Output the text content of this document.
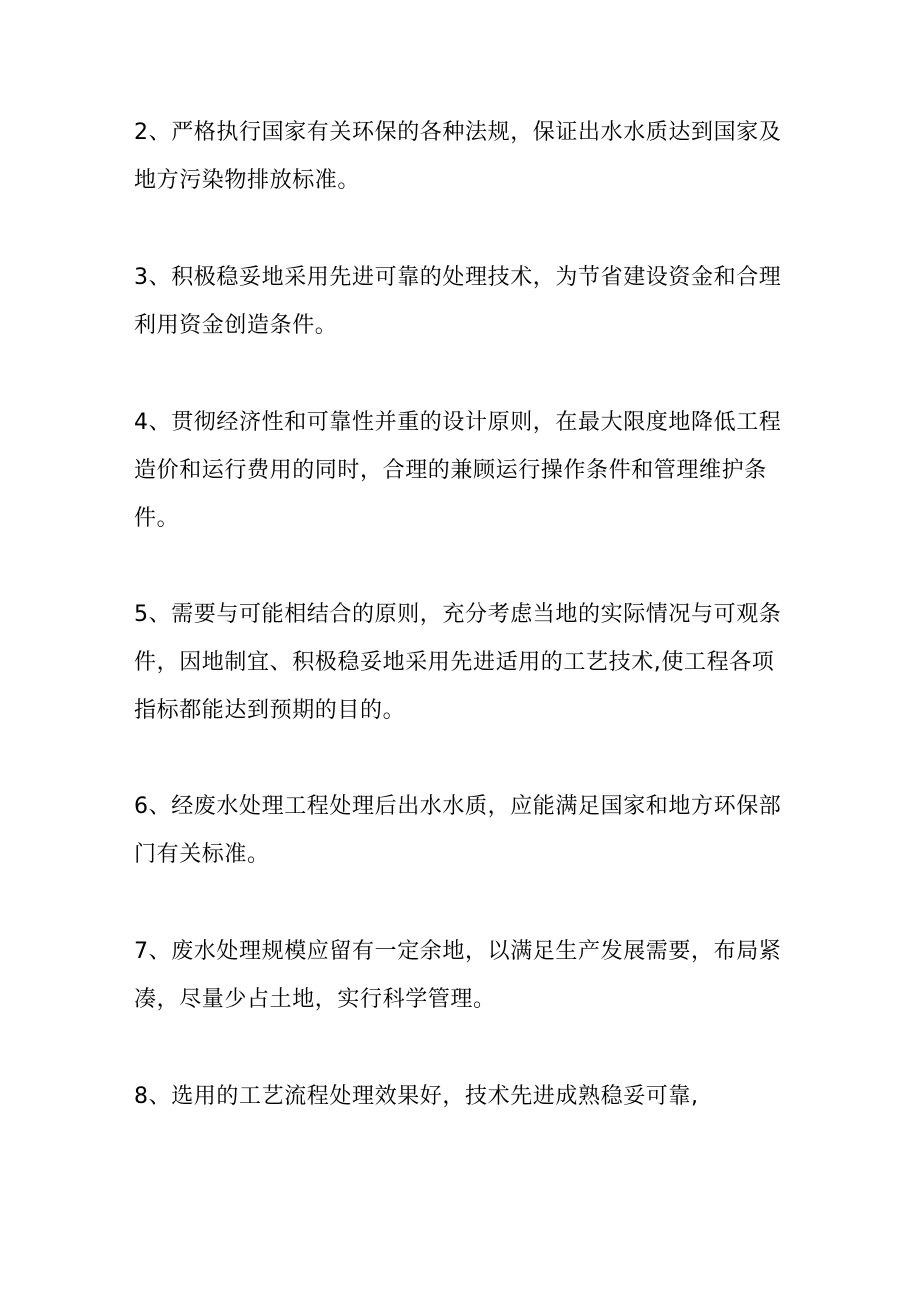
2、严格执行国家有关环保的各种法规，保证出水水质达到国家及地方污染物排放标准。

3、积极稳妥地采用先进可靠的处理技术，为节省建设资金和合理利用资金创造条件。

4、贯彻经济性和可靠性并重的设计原则，在最大限度地降低工程造价和运行费用的同时，合理的兼顾运行操作条件和管理维护条件。

5、需要与可能相结合的原则，充分考虑当地的实际情况与可观条件，因地制宜、积极稳妥地采用先进适用的工艺技术,使工程各项指标都能达到预期的目的。

6、经废水处理工程处理后出水水质，应能满足国家和地方环保部门有关标准。

7、废水处理规模应留有一定余地，以满足生产发展需要，布局紧凑，尽量少占土地，实行科学管理。

8、选用的工艺流程处理效果好，技术先进成熟稳妥可靠,
